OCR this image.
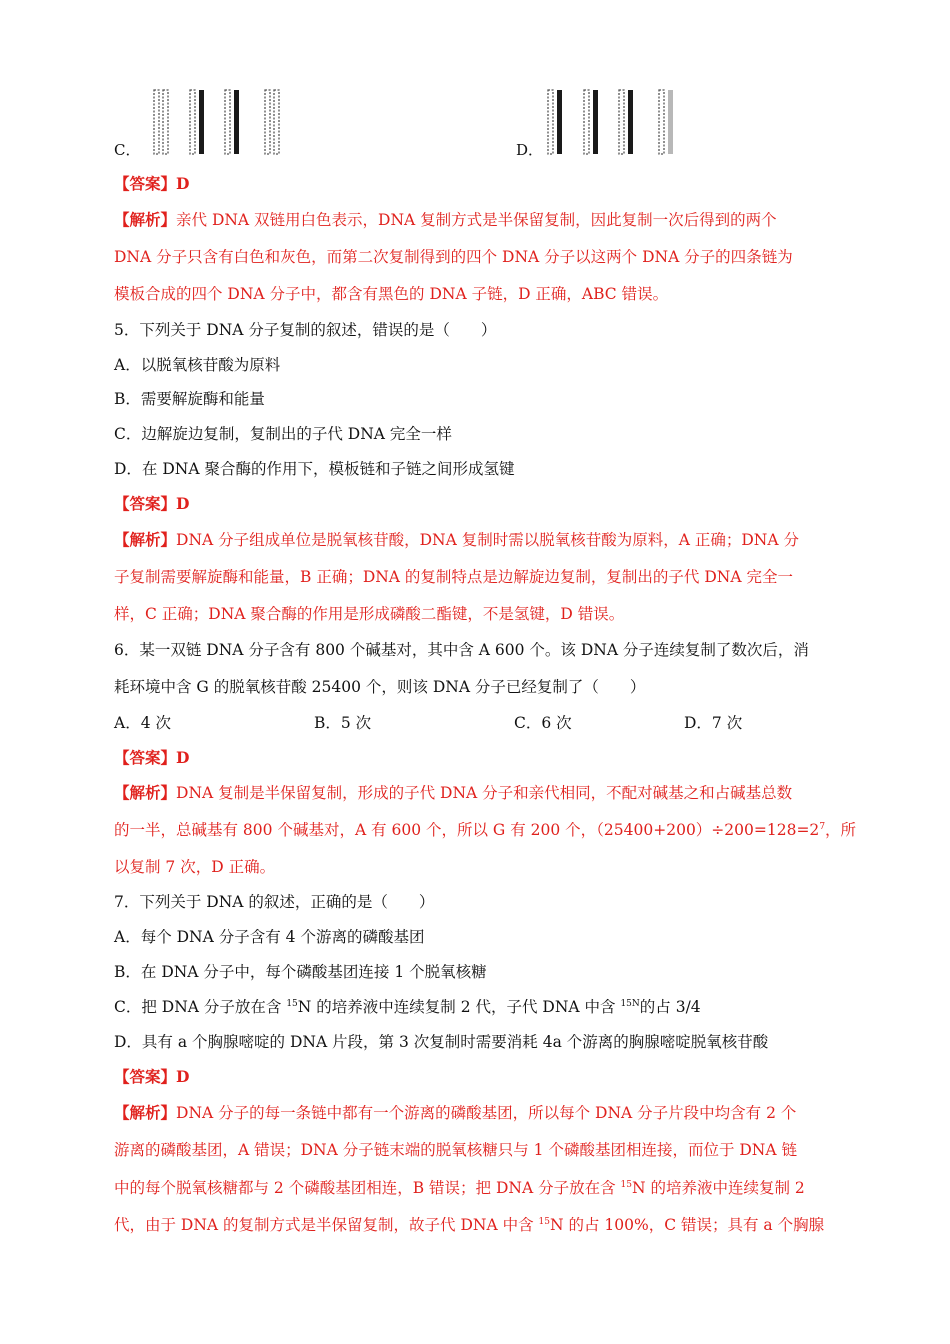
C．	D．
【答案】D
【解析】亲代 DNA 双链用白色表示，DNA 复制方式是半保留复制，因此复制一次后得到的两个
DNA 分子只含有白色和灰色，而第二次复制得到的四个 DNA 分子以这两个 DNA 分子的四条链为
模板合成的四个 DNA 分子中，都含有黑色的 DNA 子链，D 正确，ABC 错误。
5．下列关于 DNA 分子复制的叙述，错误的是（　　）
A．以脱氧核苷酸为原料
B．需要解旋酶和能量
C．边解旋边复制，复制出的子代 DNA 完全一样
D．在 DNA 聚合酶的作用下，模板链和子链之间形成氢键
【答案】D
【解析】DNA 分子组成单位是脱氧核苷酸，DNA 复制时需以脱氧核苷酸为原料，A 正确；DNA 分
子复制需要解旋酶和能量，B 正确；DNA 的复制特点是边解旋边复制，复制出的子代 DNA 完全一
样，C 正确；DNA 聚合酶的作用是形成磷酸二酯键，不是氢键，D 错误。
6．某一双链 DNA 分子含有 800 个碱基对，其中含 A 600 个。该 DNA 分子连续复制了数次后，消
耗环境中含 G 的脱氧核苷酸 25400 个，则该 DNA 分子已经复制了（　　）
A．4 次	B．5 次	C．6 次	D．7 次
【答案】D
【解析】DNA 复制是半保留复制，形成的子代 DNA 分子和亲代相同，不配对碱基之和占碱基总数
的一半，总碱基有 800 个碱基对，A 有 600 个，所以 G 有 200 个，$(25400+200)\div 200=128=2^7$，所
以复制 7 次，D 正确。
7．下列关于 DNA 的叙述，正确的是（　　）
A．每个 DNA 分子含有 4 个游离的磷酸基团
B．在 DNA 分子中，每个磷酸基团连接 1 个脱氧核糖
C．把 DNA 分子放在含 $^{15}$N 的培养液中连续复制 2 代，子代 DNA 中含 $^{15N}$的占 3/4
D．具有 a 个胸腺嘧啶的 DNA 片段，第 3 次复制时需要消耗 4a 个游离的胸腺嘧啶脱氧核苷酸
【答案】D
【解析】DNA 分子的每一条链中都有一个游离的磷酸基团，所以每个 DNA 分子片段中均含有 2 个
游离的磷酸基团，A 错误；DNA 分子链末端的脱氧核糖只与 1 个磷酸基团相连接，而位于 DNA 链
中的每个脱氧核糖都与 2 个磷酸基团相连，B 错误；把 DNA 分子放在含 $^{15}$N 的培养液中连续复制 2
代，由于 DNA 的复制方式是半保留复制，故子代 DNA 中含 $^{15}$N 的占 100%，C 错误；具有 a 个胸腺
